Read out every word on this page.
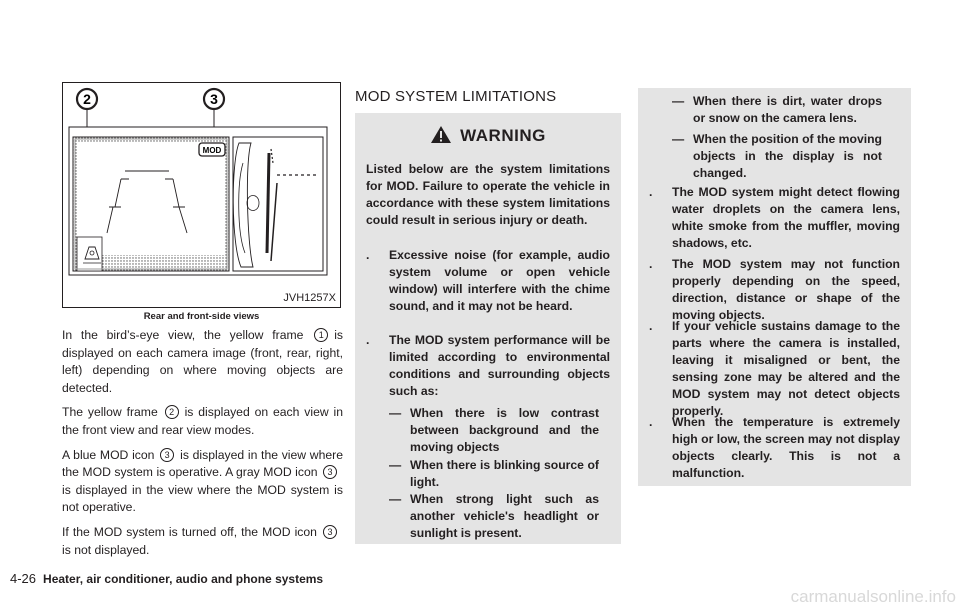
2	3
MOD
JVH1257X
Rear and front-side views

In the bird’s-eye view, the yellow frame 1 is displayed on each camera image (front, rear, right, left) depending on where moving objects are detected.

The yellow frame 2 is displayed on each view in the front view and rear view modes.

A blue MOD icon 3 is displayed in the view where the MOD system is operative. A gray MOD icon 3is displayed in the view where the MOD system is not operative.

If the MOD system is turned off, the MOD icon 3is not displayed.

MOD SYSTEM LIMITATIONS
WARNING

Listed below are the system limitations for MOD. Failure to operate the vehicle in accordance with these system limitations could result in serious injury or death.

. Excessive noise (for example, audio system volume or open vehicle window) will interfere with the chime sound, and it may not be heard.

. The MOD system performance will be limited according to environmental conditions and surrounding objects such as:

— When there is low contrast between background and the moving objects

— When there is blinking source of light.

— When strong light such as another vehicle's headlight or sunlight is present.

— When there is dirt, water drops or snow on the camera lens.

— When the position of the moving objects in the display is not changed.

. The MOD system might detect flowing water droplets on the camera lens, white smoke from the muffler, moving shadows, etc.

. The MOD system may not function properly depending on the speed, direction, distance or shape of the moving objects.

. If your vehicle sustains damage to the parts where the camera is installed, leaving it misaligned or bent, the sensing zone may be altered and the MOD system may not detect objects properly.

. When the temperature is extremely high or low, the screen may not display objects clearly. This is not a malfunction.

4-26 Heater, air conditioner, audio and phone systems
carmanualsonline.info
